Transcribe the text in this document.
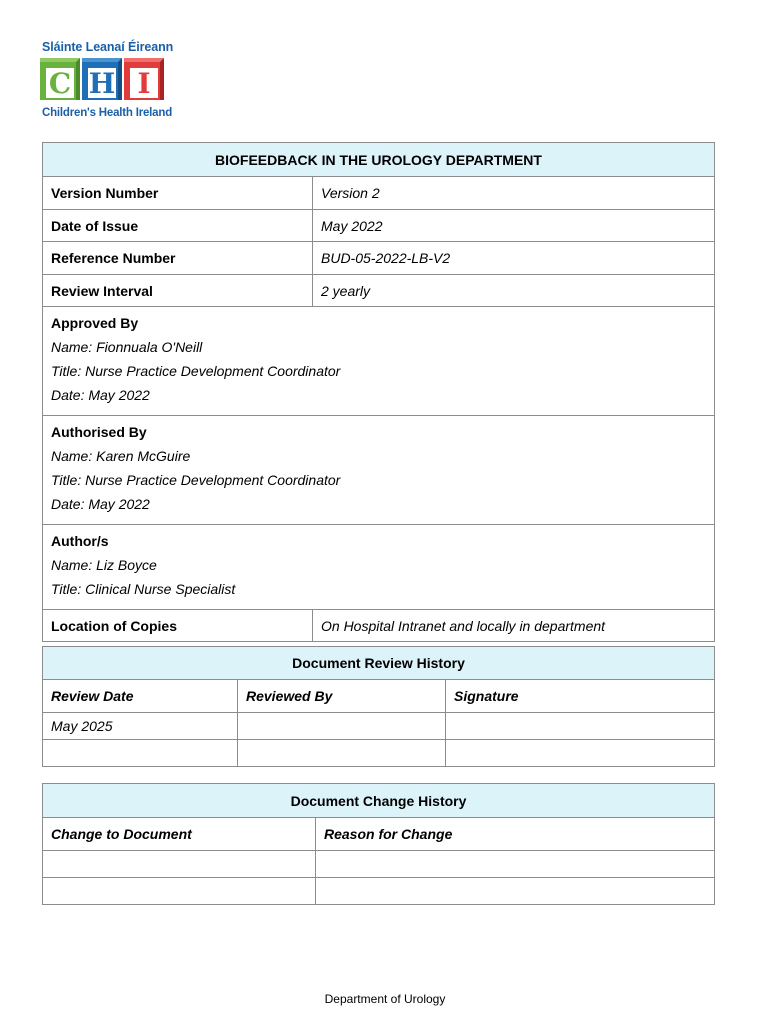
Sláinte Leanaí Éireann
C H I
Children's Health Ireland
BIOFEEDBACK IN THE UROLOGY DEPARTMENT	
Version Number	Version 2
Date of Issue	May 2022
Reference Number	BUD-05-2022-LB-V2
Review Interval	2 yearly

Approved By
Name: Fionnuala O'Neill
Title: Nurse Practice Development Coordinator
Date: May 2022	

Authorised By
Name: Karen McGuire
Title: Nurse Practice Development Coordinator
Date: May 2022	

Author/s
Name: Liz Boyce
Title: Clinical Nurse Specialist	

Location of Copies	On Hospital Intranet and locally in department
Document Review History		
Review Date	Reviewed By	Signature
May 2025		

Document Change History	
Change to Document	Reason for Change

Department of Urology
